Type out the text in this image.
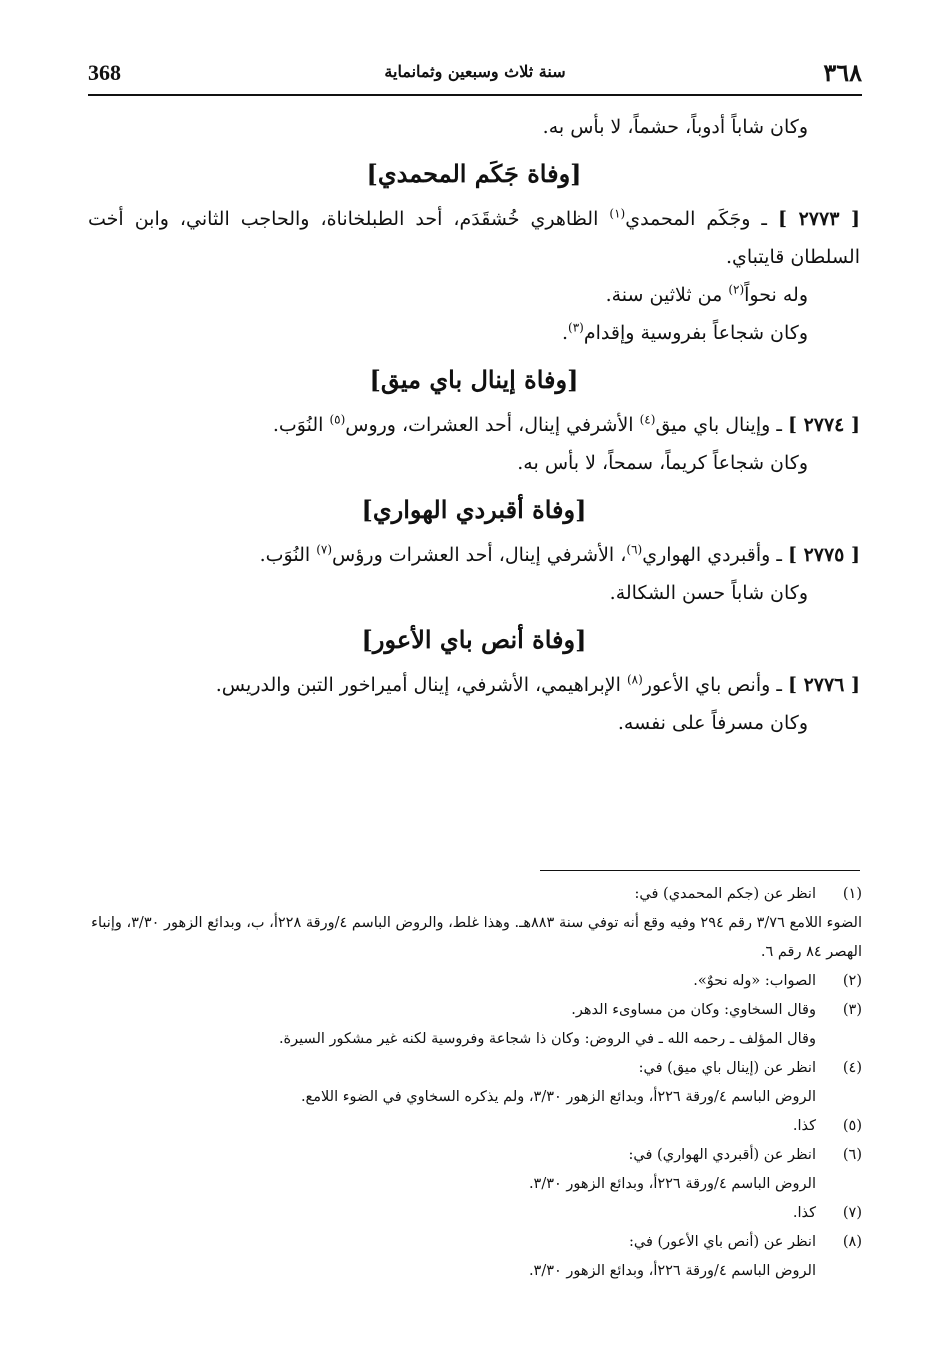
368	سنة ثلاث وسبعين وثمانماية	٣٦٨

وكان شاباً أدوباً، حشماً، لا بأس به.

[وفاة جَكَم المحمدي]

[ ٢٧٧٣ ] ـ وجَكَم المحمدي$^{(١)}$ الظاهري خُشقَدَم، أحد الطبلخاناة، والحاجب الثاني، وابن أخت السلطان قايتباي.

وله نحواً$^{(٢)}$ من ثلاثين سنة.

وكان شجاعاً بفروسية وإقدام$^{(٣)}$.

[وفاة إينال باي ميق]

[ ٢٧٧٤ ] ـ وإينال باي ميق$^{(٤)}$ الأشرفي إينال، أحد العشرات، وروس$^{(٥)}$ النُوَب.

وكان شجاعاً كريماً، سمحاً، لا بأس به.

[وفاة أقبردي الهواري]

[ ٢٧٧٥ ] ـ وأقبردي الهواري$^{(٦)}$، الأشرفي إينال، أحد العشرات ورؤس$^{(٧)}$ النُوَب.

وكان شاباً حسن الشكالة.

[وفاة أنص باي الأعور]

[ ٢٧٧٦ ] ـ وأنص باي الأعور$^{(٨)}$ الإبراهيمي، الأشرفي، إينال أميراخور التبن والدريس.

وكان مسرفاً على نفسه.

(١)
انظر عن (جكم المحمدي) في:
الضوء اللامع ٣/٧٦ رقم ٢٩٤ وفيه وقع أنه توفي سنة ٨٨٣هـ. وهذا غلط، والروض الباسم ٤/ورقة ٢٢٨أ، ب، وبدائع الزهور ٣/٣٠، وإنباء الهصر ٨٤ رقم ٦.
(٢)
الصواب: «وله نحوٌ».
(٣)
وقال السخاوي: وكان من مساوىء الدهر.
وقال المؤلف ـ رحمه الله ـ في الروض: وكان ذا شجاعة وفروسية لكنه غير مشكور السيرة.
(٤)
انظر عن (إينال باي ميق) في:
الروض الباسم ٤/ورقة ٢٢٦أ، وبدائع الزهور ٣/٣٠، ولم يذكره السخاوي في الضوء اللامع.
(٥)
كذا.
(٦)
انظر عن (أقبردي الهواري) في:
الروض الباسم ٤/ورقة ٢٢٦أ، وبدائع الزهور ٣/٣٠.
(٧)
كذا.
(٨)
انظر عن (أنص باي الأعور) في:
الروض الباسم ٤/ورقة ٢٢٦أ، وبدائع الزهور ٣/٣٠.
